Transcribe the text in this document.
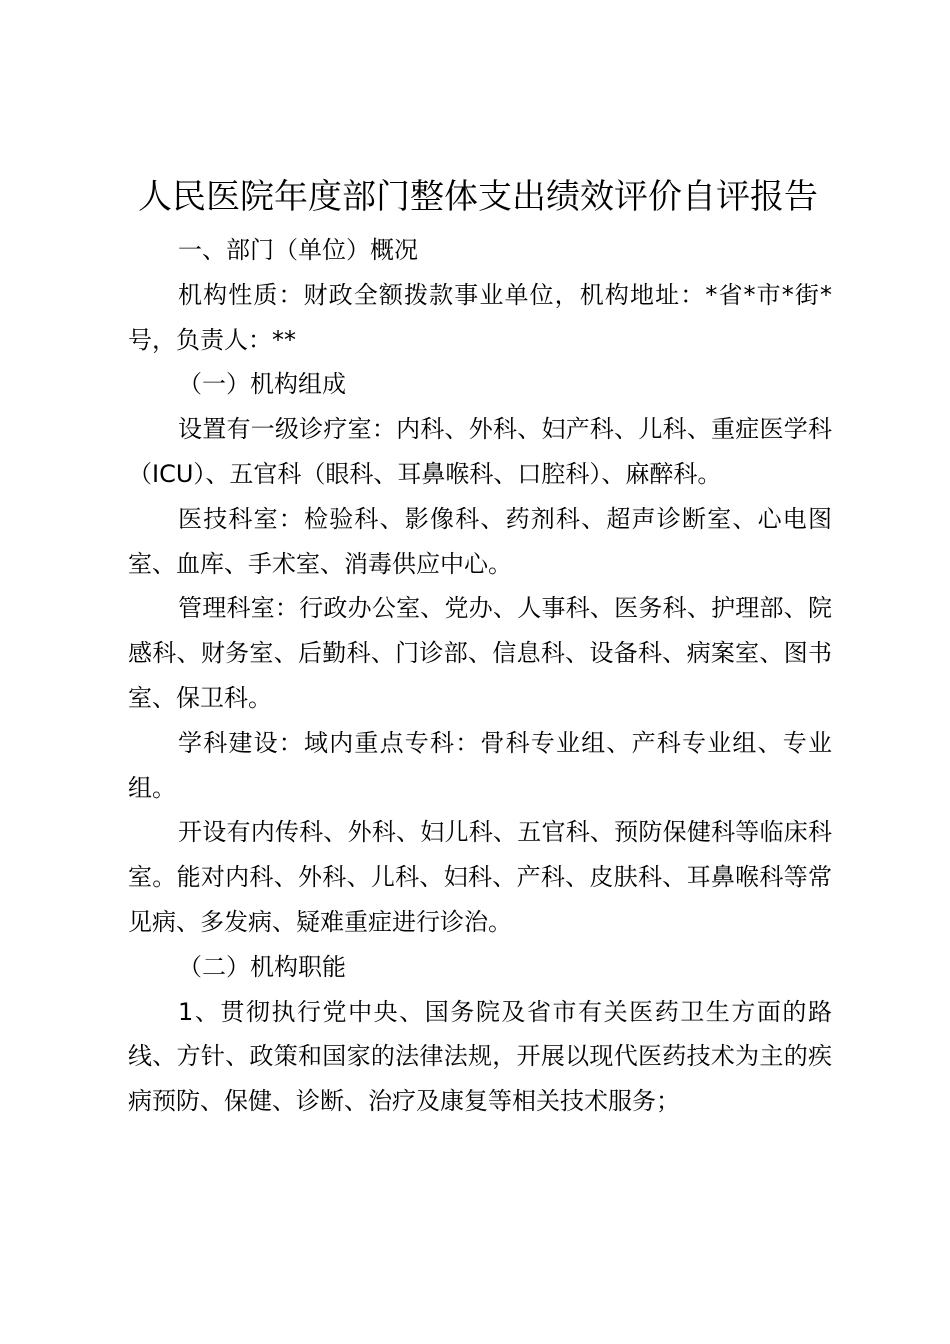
人民医院年度部门整体支出绩效评价自评报告

一、部门（单位）概况

机构性质：财政全额拨款事业单位，机构地址：*省*市*街*号，负责人：**

（一）机构组成

设置有一级诊疗室：内科、外科、妇产科、儿科、重症医学科（ICU）、五官科（眼科、耳鼻喉科、口腔科）、麻醉科。

医技科室：检验科、影像科、药剂科、超声诊断室、心电图室、血库、手术室、消毒供应中心。

管理科室：行政办公室、党办、人事科、医务科、护理部、院感科、财务室、后勤科、门诊部、信息科、设备科、病案室、图书室、保卫科。

学科建设：域内重点专科：骨科专业组、产科专业组、专业组。

开设有内传科、外科、妇儿科、五官科、预防保健科等临床科室。能对内科、外科、儿科、妇科、产科、皮肤科、耳鼻喉科等常见病、多发病、疑难重症进行诊治。

（二）机构职能

1、贯彻执行党中央、国务院及省市有关医药卫生方面的路线、方针、政策和国家的法律法规，开展以现代医药技术为主的疾病预防、保健、诊断、治疗及康复等相关技术服务；
